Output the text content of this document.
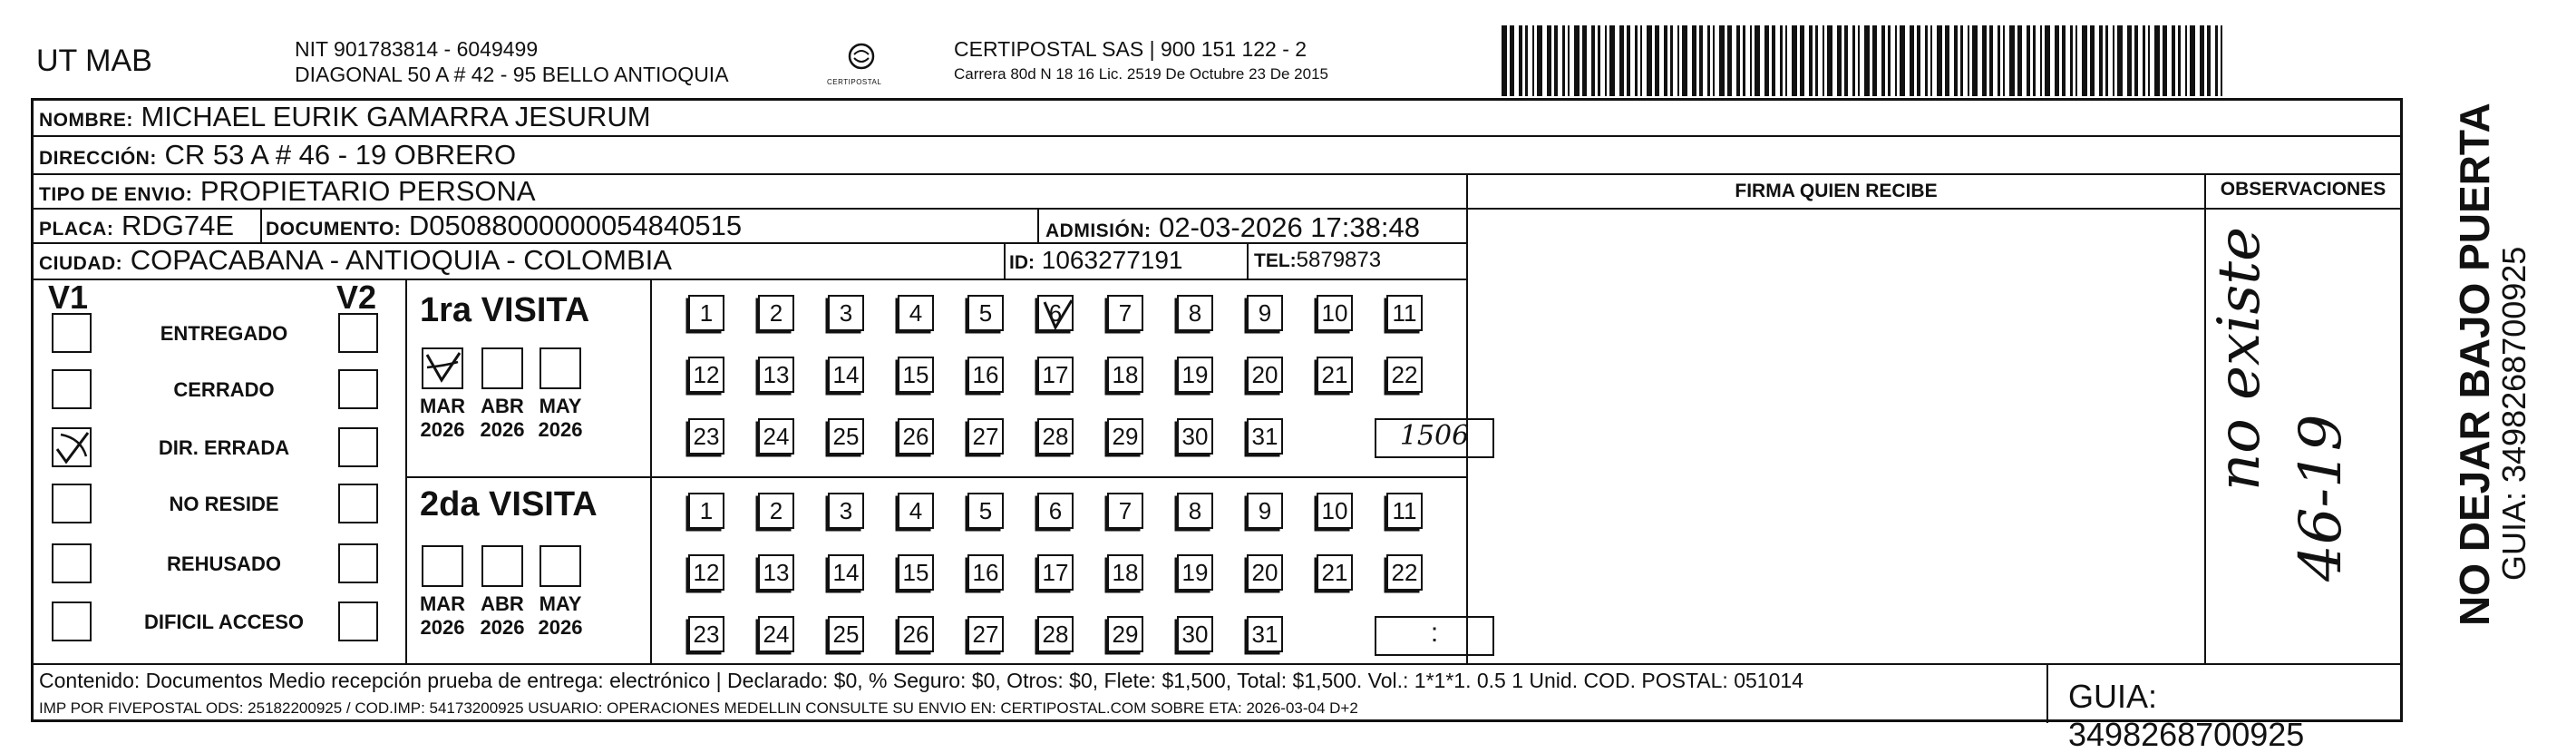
UT MAB	NIT 901783814 - 6049499
DIAGONAL 50 A # 42 - 95 BELLO ANTIOQUIA	CERTIPOSTAL
CERTIPOSTAL SAS | 900 151 122 - 2
Carrera 80d N 18 16 Lic. 2519 De Octubre 23 De 2015
NOMBRE: MICHAEL EURIK GAMARRA JESURUM
DIRECCIÓN: CR 53 A # 46 - 19 OBRERO
TIPO DE ENVIO: PROPIETARIO PERSONA	FIRMA QUIEN RECIBE	OBSERVACIONES
PLACA: RDG74E DOCUMENTO: D05088000000054840515	ADMISIÓN: 02-03-2026 17:38:48
CIUDAD: COPACABANA - ANTIOQUIA - COLOMBIA	ID: 1063277191	TEL:5879873
V1	V2
ENTREGADO
CERRADO
DIR. ERRADA
NO RESIDE
REHUSADO
DIFICIL ACCESO
1ra VISITA
2da VISITA
MAR
2026
ABR
2026
MAY
2026
1	2	3	4	5	6	7	8	9	10 11
12 13 14 15 16 17 18 19 20 21 22
23 24 25 26 27 28 29 30 31	1506
MAR
2026
ABR
2026
MAY
2026
1	2	3	4	5	6	7	8	9	10 11
12 13 14 15 16 17 18 19 20 21 22
23 24 25 26 27 28 29 30 31	:
no existe
46-19
Contenido: Documentos Medio recepción prueba de entrega: electrónico | Declarado: $0, % Seguro: $0, Otros: $0, Flete: $1,500, Total: $1,500. Vol.: 1*1*1. 0.5 1 Unid. COD. POSTAL: 051014
IMP POR FIVEPOSTAL ODS: 25182200925 / COD.IMP: 54173200925 USUARIO: OPERACIONES MEDELLIN CONSULTE SU ENVIO EN: CERTIPOSTAL.COM SOBRE ETA: 2026-03-04 D+2	GUIA: 3498268700925
NO DEJAR BAJO PUERTA
GUIA: 3498268700925
